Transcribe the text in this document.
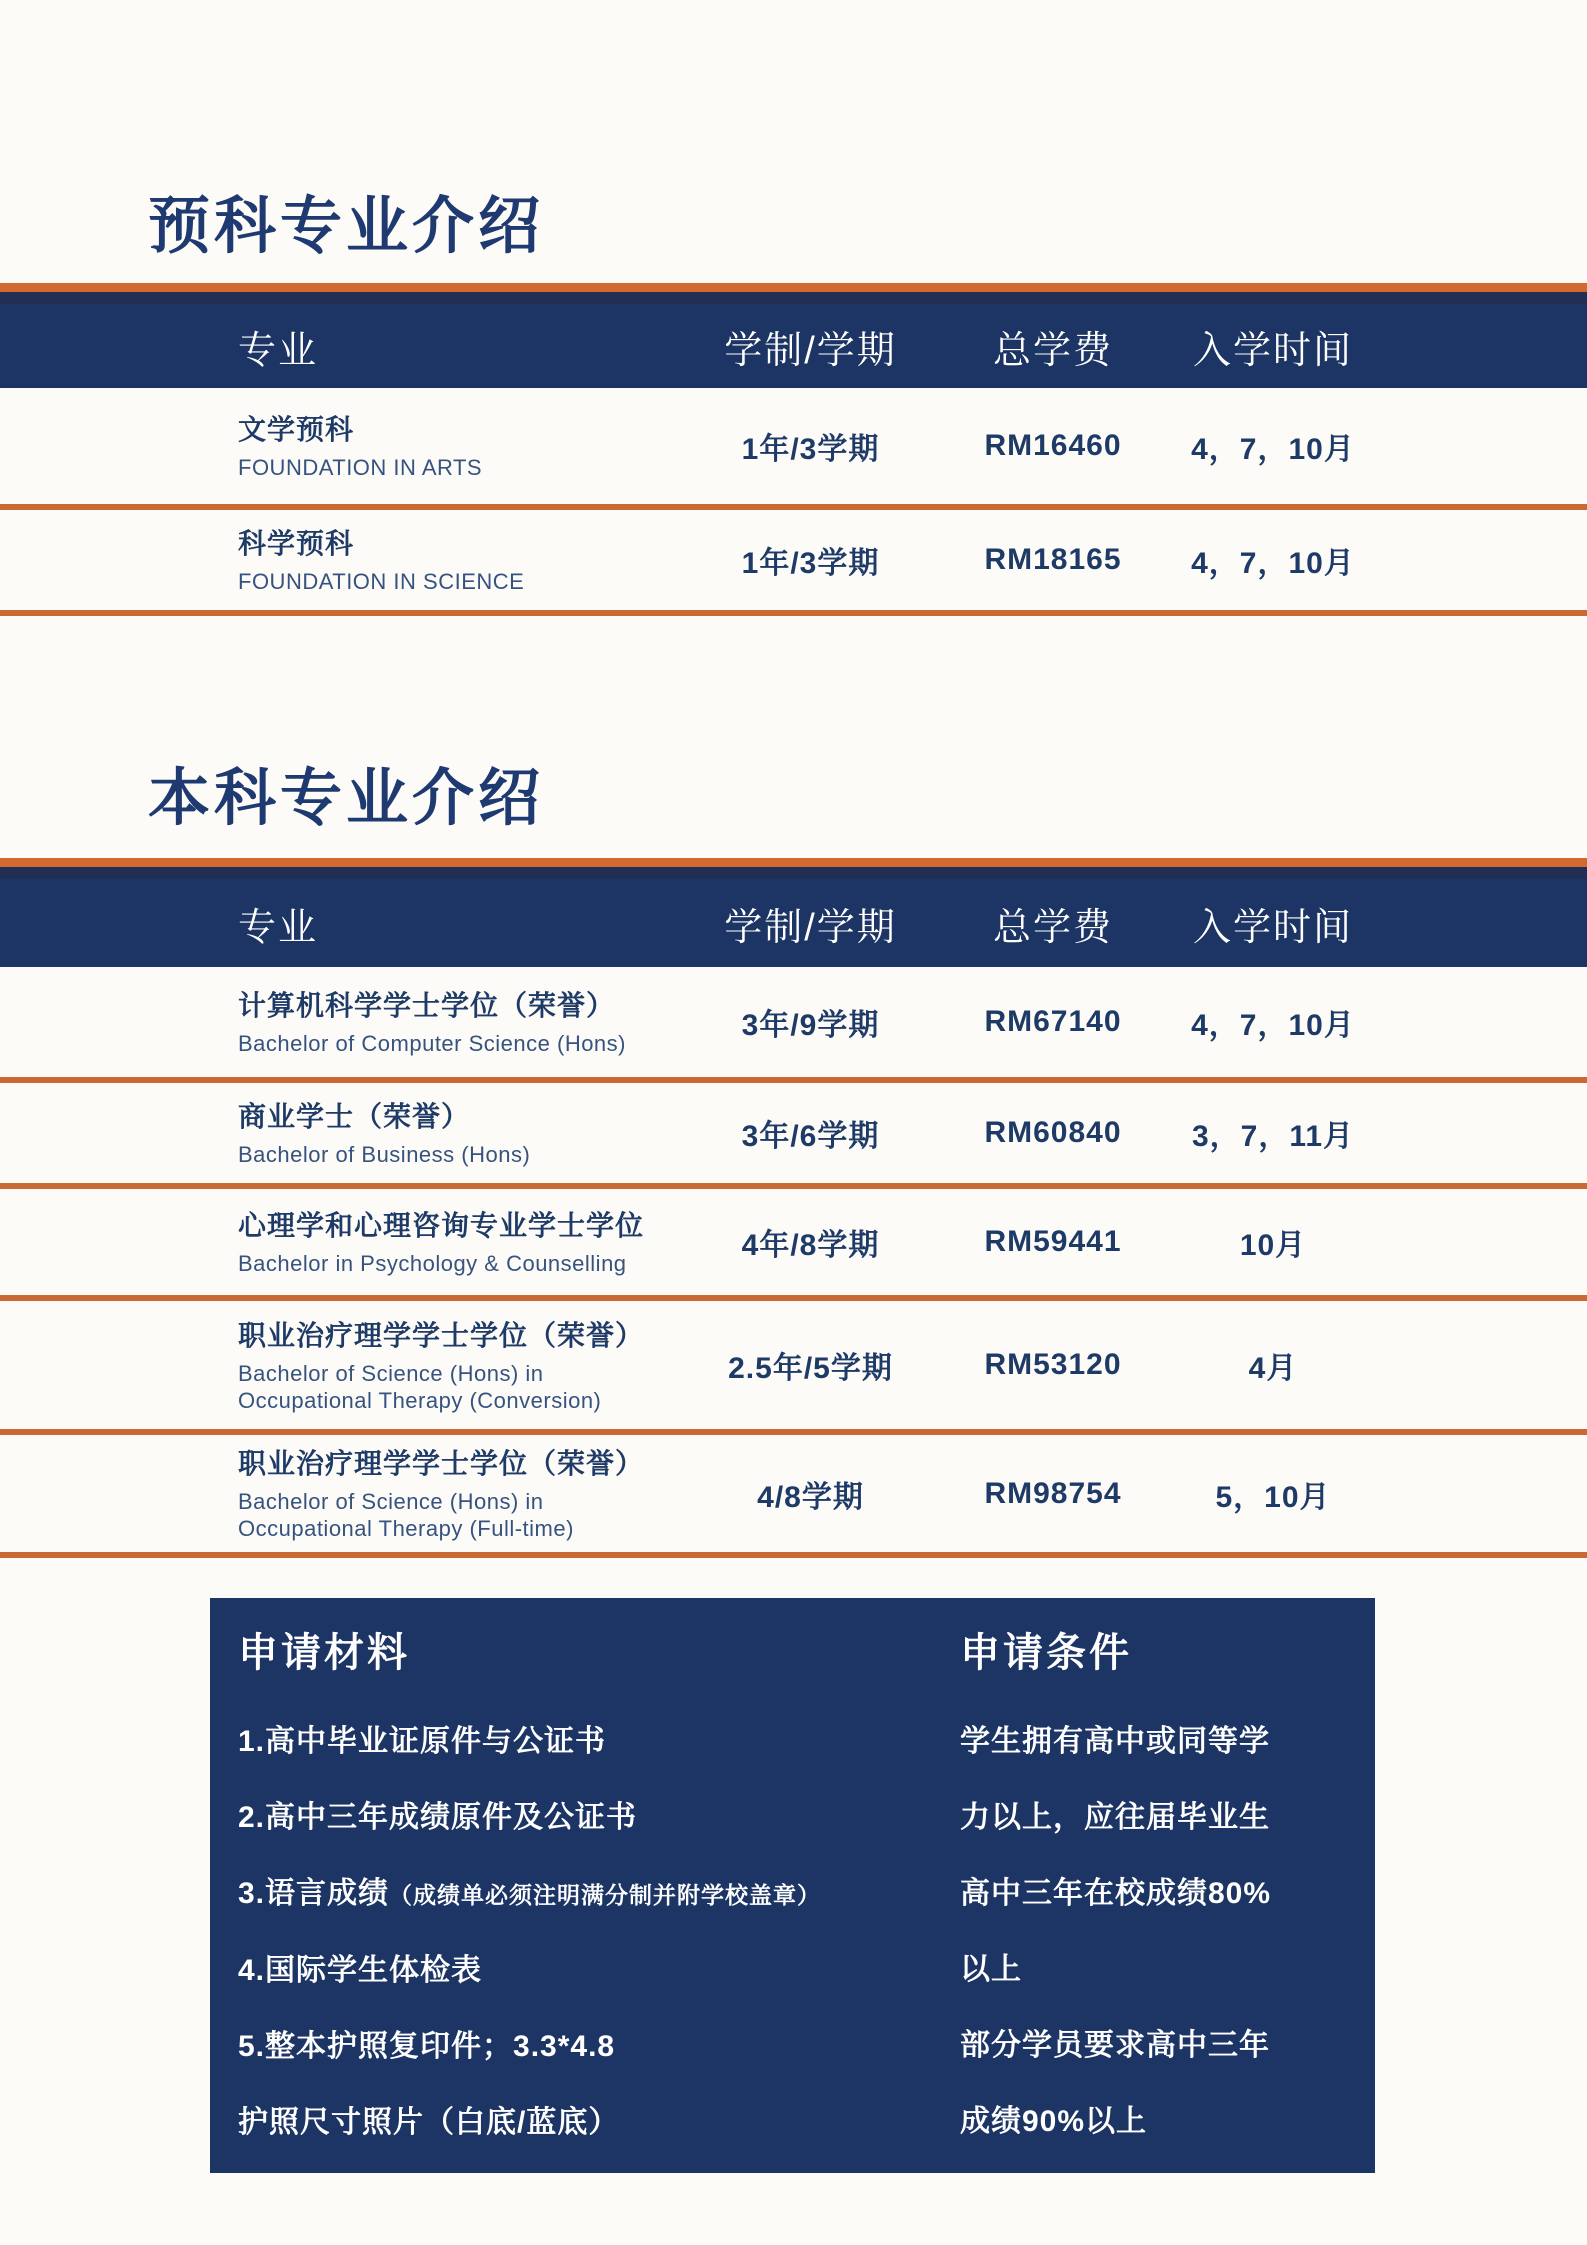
预科专业介绍
专业	学制/学期	总学费	入学时间
文学预科
FOUNDATION IN ARTS
1年/3学期	RM16460	4，7，10月
科学预科
FOUNDATION IN SCIENCE
1年/3学期	RM18165	4，7，10月
本科专业介绍
专业	学制/学期	总学费	入学时间
计算机科学学士学位（荣誉）
Bachelor of Computer Science (Hons)
3年/9学期	RM67140	4，7，10月
商业学士（荣誉）
Bachelor of Business (Hons)
3年/6学期	RM60840	3，7，11月
心理学和心理咨询专业学士学位
Bachelor in Psychology & Counselling
4年/8学期	RM59441	10月
职业治疗理学学士学位（荣誉）
Bachelor of Science (Hons) in
Occupational Therapy (Conversion)
2.5年/5学期	RM53120	4月
职业治疗理学学士学位（荣誉）
Bachelor of Science (Hons) in
Occupational Therapy (Full-time)
4/8学期	RM98754	5，10月
申请材料
1.高中毕业证原件与公证书
2.高中三年成绩原件及公证书
3.语言成绩（成绩单必须注明满分制并附学校盖章）
4.国际学生体检表
5.整本护照复印件；3.3*4.8
护照尺寸照片（白底/蓝底）
申请条件
学生拥有高中或同等学
力以上，应往届毕业生
高中三年在校成绩80%
以上
部分学员要求高中三年
成绩90%以上
